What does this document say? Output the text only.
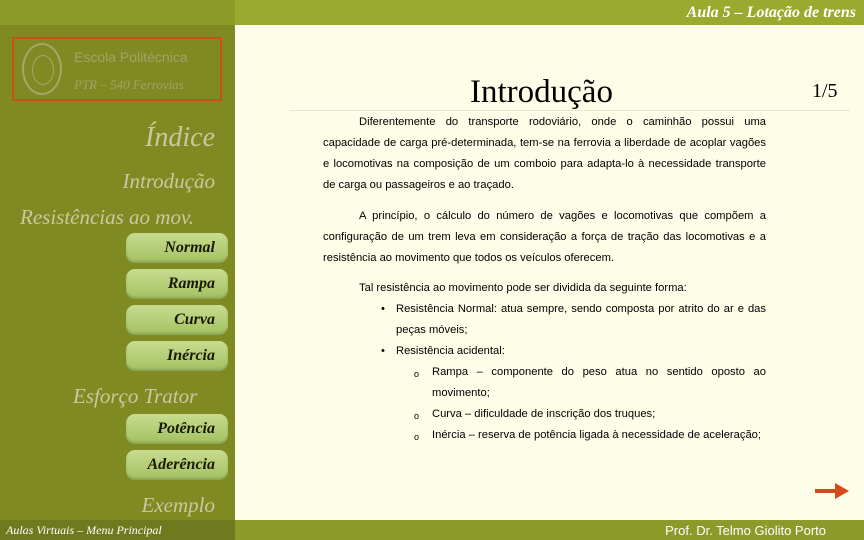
Aula 5 – Lotação de trens
Escola Politécnica
PTR – 540 Ferrovias
Índice
Introdução
Resistências ao mov.
Normal
Rampa
Curva
Inércia
Esforço Trator
Potência
Aderência
Exemplo
Introdução	1/5

Diferentemente do transporte rodoviário, onde o caminhão possui uma capacidade de carga pré-determinada, tem-se na ferrovia a liberdade de acoplar vagões e locomotivas na composição de um comboio para adapta-lo à necessidade transporte de carga ou passageiros e ao traçado.

A princípio, o cálculo do número de vagões e locomotivas que compõem a configuração de um trem leva em consideração a força de tração das locomotivas e a resistência ao movimento que todos os veículos oferecem.

Tal resistência ao movimento pode ser dividida da seguinte forma:

• Resistência Normal: atua sempre, sendo composta por atrito do ar e das peças móveis;
• Resistência acidental:
o Rampa – componente do peso atua no sentido oposto ao movimento;
o Curva – dificuldade de inscrição dos truques;
o Inércia – reserva de potência ligada à necessidade de aceleração;
Aulas Virtuais – Menu Principal	Prof. Dr. Telmo Giolito Porto
